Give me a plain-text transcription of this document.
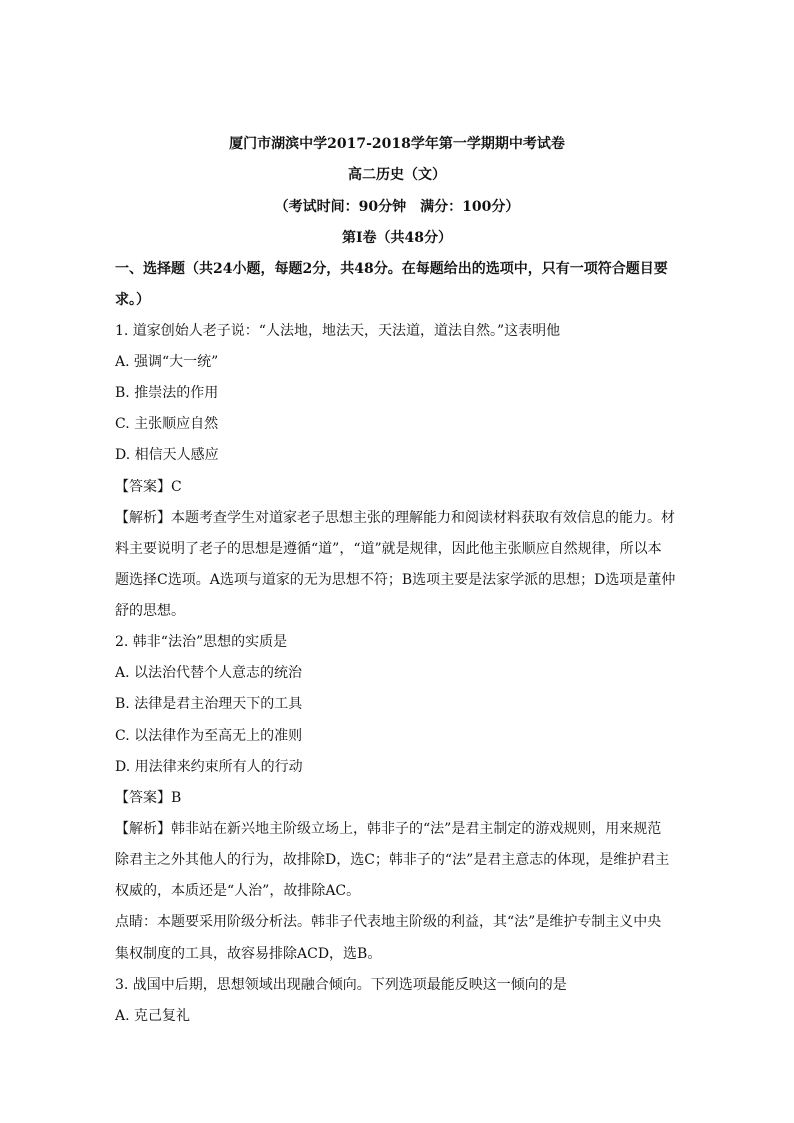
厦门市湖滨中学2017-2018学年第一学期期中考试卷
高二历史（文）
（考试时间：90分钟　满分：100分）
第Ⅰ卷（共48分）
一、选择题（共24小题，每题2分，共48分。在每题给出的选项中，只有一项符合题目要
求。）
1. 道家创始人老子说：“人法地，地法天，天法道，道法自然。”这表明他
A. 强调“大一统”
B. 推崇法的作用
C. 主张顺应自然
D. 相信天人感应
【答案】C
【解析】本题考查学生对道家老子思想主张的理解能力和阅读材料获取有效信息的能力。材
料主要说明了老子的思想是遵循“道”，“道”就是规律，因此他主张顺应自然规律，所以本
题选择C选项。A选项与道家的无为思想不符；B选项主要是法家学派的思想；D选项是董仲
舒的思想。
2. 韩非“法治”思想的实质是
A. 以法治代替个人意志的统治
B. 法律是君主治理天下的工具
C. 以法律作为至高无上的准则
D. 用法律来约束所有人的行动
【答案】B
【解析】韩非站在新兴地主阶级立场上，韩非子的“法”是君主制定的游戏规则，用来规范
除君主之外其他人的行为，故排除D，选C；韩非子的“法”是君主意志的体现，是维护君主
权威的，本质还是“人治”，故排除AC。
点睛：本题要采用阶级分析法。韩非子代表地主阶级的利益，其“法”是维护专制主义中央
集权制度的工具，故容易排除ACD，选B。
3. 战国中后期，思想领域出现融合倾向。下列选项最能反映这一倾向的是
A. 克己复礼
